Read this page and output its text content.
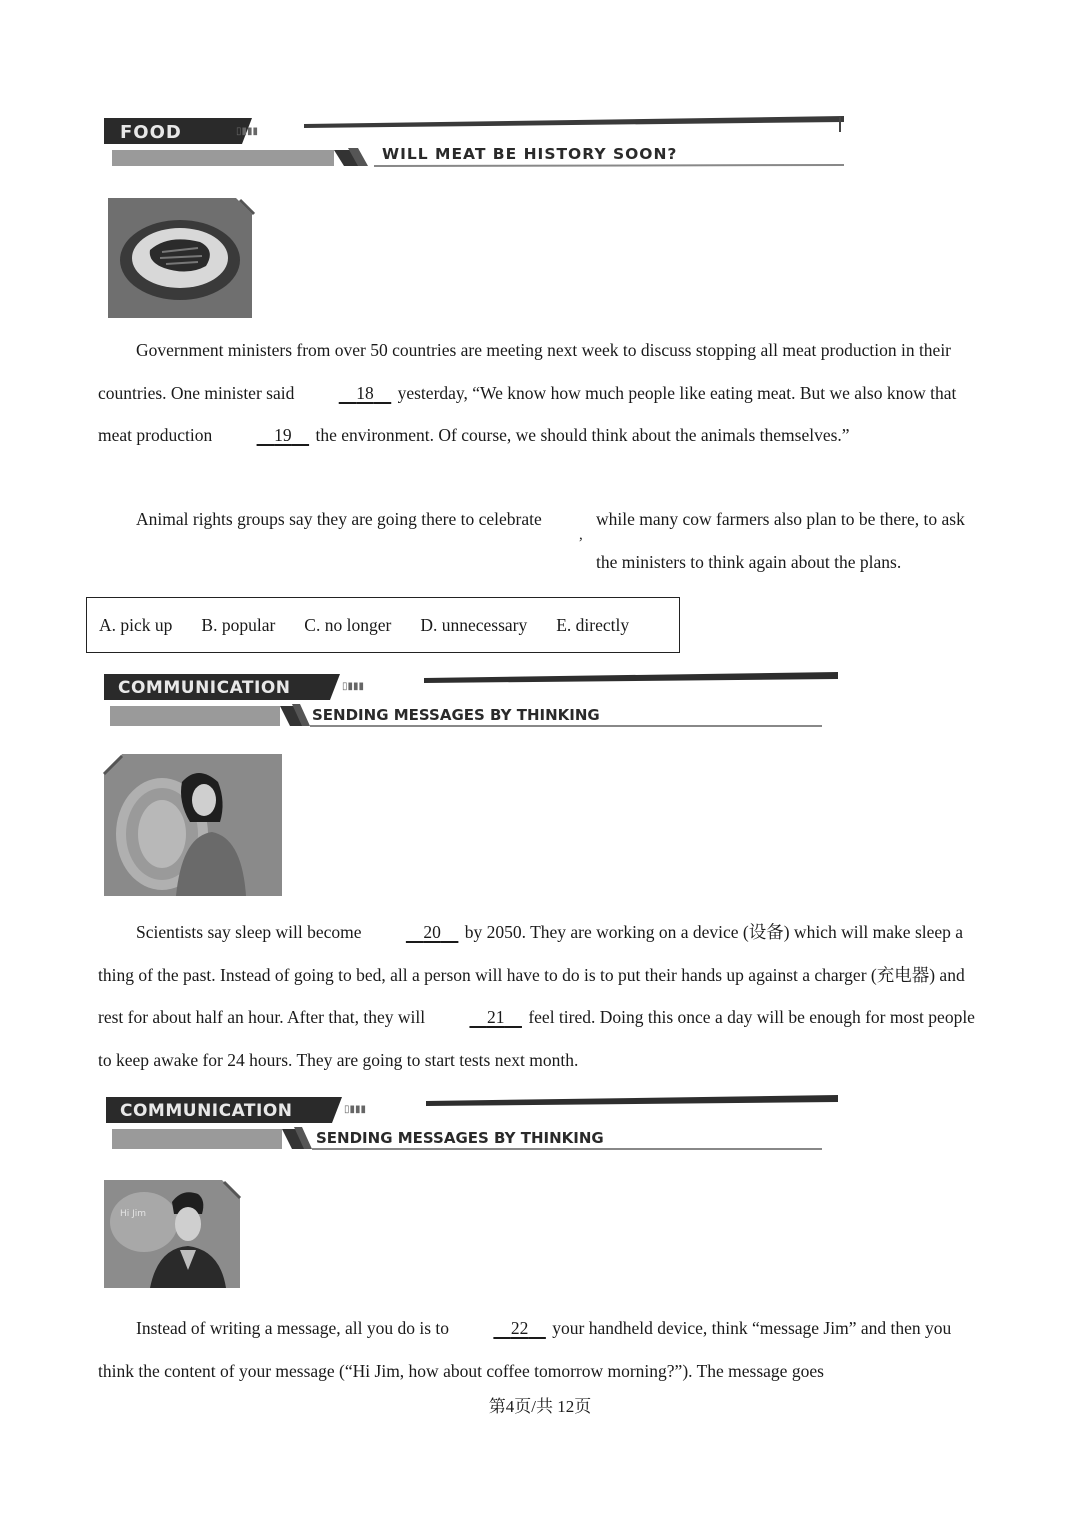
FOOD	▯▮▮▮
WILL MEAT BE HISTORY SOON?

Government ministers from over 50 countries are meeting next week to discuss stopping all meat production in their countries. One minister said	18     yesterday, “We know how much people like eating meat. But we also know that meat production	19     the environment. Of course, we should think about the animals themselves.”

Animal rights groups say they are going there to celebrate

,

while many cow farmers also plan to be there, to ask the ministers to think again about the plans.

A. pick up B. popular C. no longer D. unnecessary E. directly
COMMUNICATION	▯▮▮▮
SENDING MESSAGES BY THINKING

Scientists say sleep will become	20     by 2050. They are working on a device (设备) which will make sleep a thing of the past. Instead of going to bed, all a person will have to do is to put their hands up against a charger (充电器) and rest for about half an hour. After that, they will	21     feel tired. Doing this once a day will be enough for most people to keep awake for 24 hours. They are going to start tests next month.

COMMUNICATION	▯▮▮▮
SENDING MESSAGES BY THINKING
Hi Jim

Instead of writing a message, all you do is to	22     your handheld device, think “message Jim” and then you think the content of your message (“Hi Jim, how about coffee tomorrow morning?”). The message goes

第4页/共 12页
